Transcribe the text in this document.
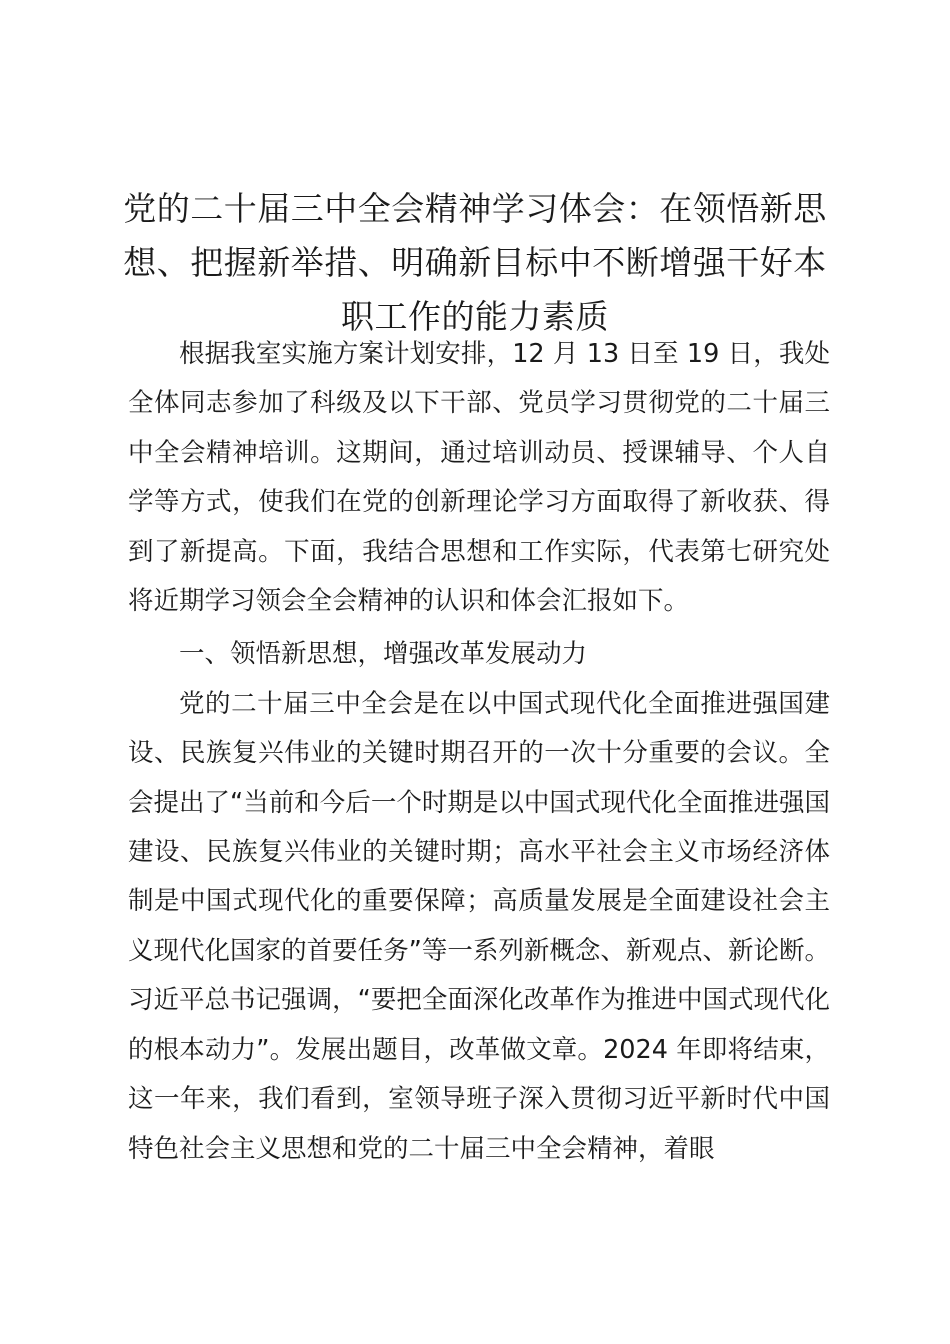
党的二十届三中全会精神学习体会：在领悟新思想、把握新举措、明确新目标中不断增强干好本职工作的能力素质

根据我室实施方案计划安排，12 月 13 日至 19 日，我处全体同志参加了科级及以下干部、党员学习贯彻党的二十届三中全会精神培训。这期间，通过培训动员、授课辅导、个人自学等方式，使我们在党的创新理论学习方面取得了新收获、得到了新提高。下面，我结合思想和工作实际，代表第七研究处将近期学习领会全会精神的认识和体会汇报如下。

一、领悟新思想，增强改革发展动力

党的二十届三中全会是在以中国式现代化全面推进强国建设、民族复兴伟业的关键时期召开的一次十分重要的会议。全会提出了“当前和今后一个时期是以中国式现代化全面推进强国建设、民族复兴伟业的关键时期；高水平社会主义市场经济体制是中国式现代化的重要保障；高质量发展是全面建设社会主义现代化国家的首要任务”等一系列新概念、新观点、新论断。习近平总书记强调，“要把全面深化改革作为推进中国式现代化的根本动力”。发展出题目，改革做文章。2024 年即将结束，这一年来，我们看到，室领导班子深入贯彻习近平新时代中国特色社会主义思想和党的二十届三中全会精神，着眼
